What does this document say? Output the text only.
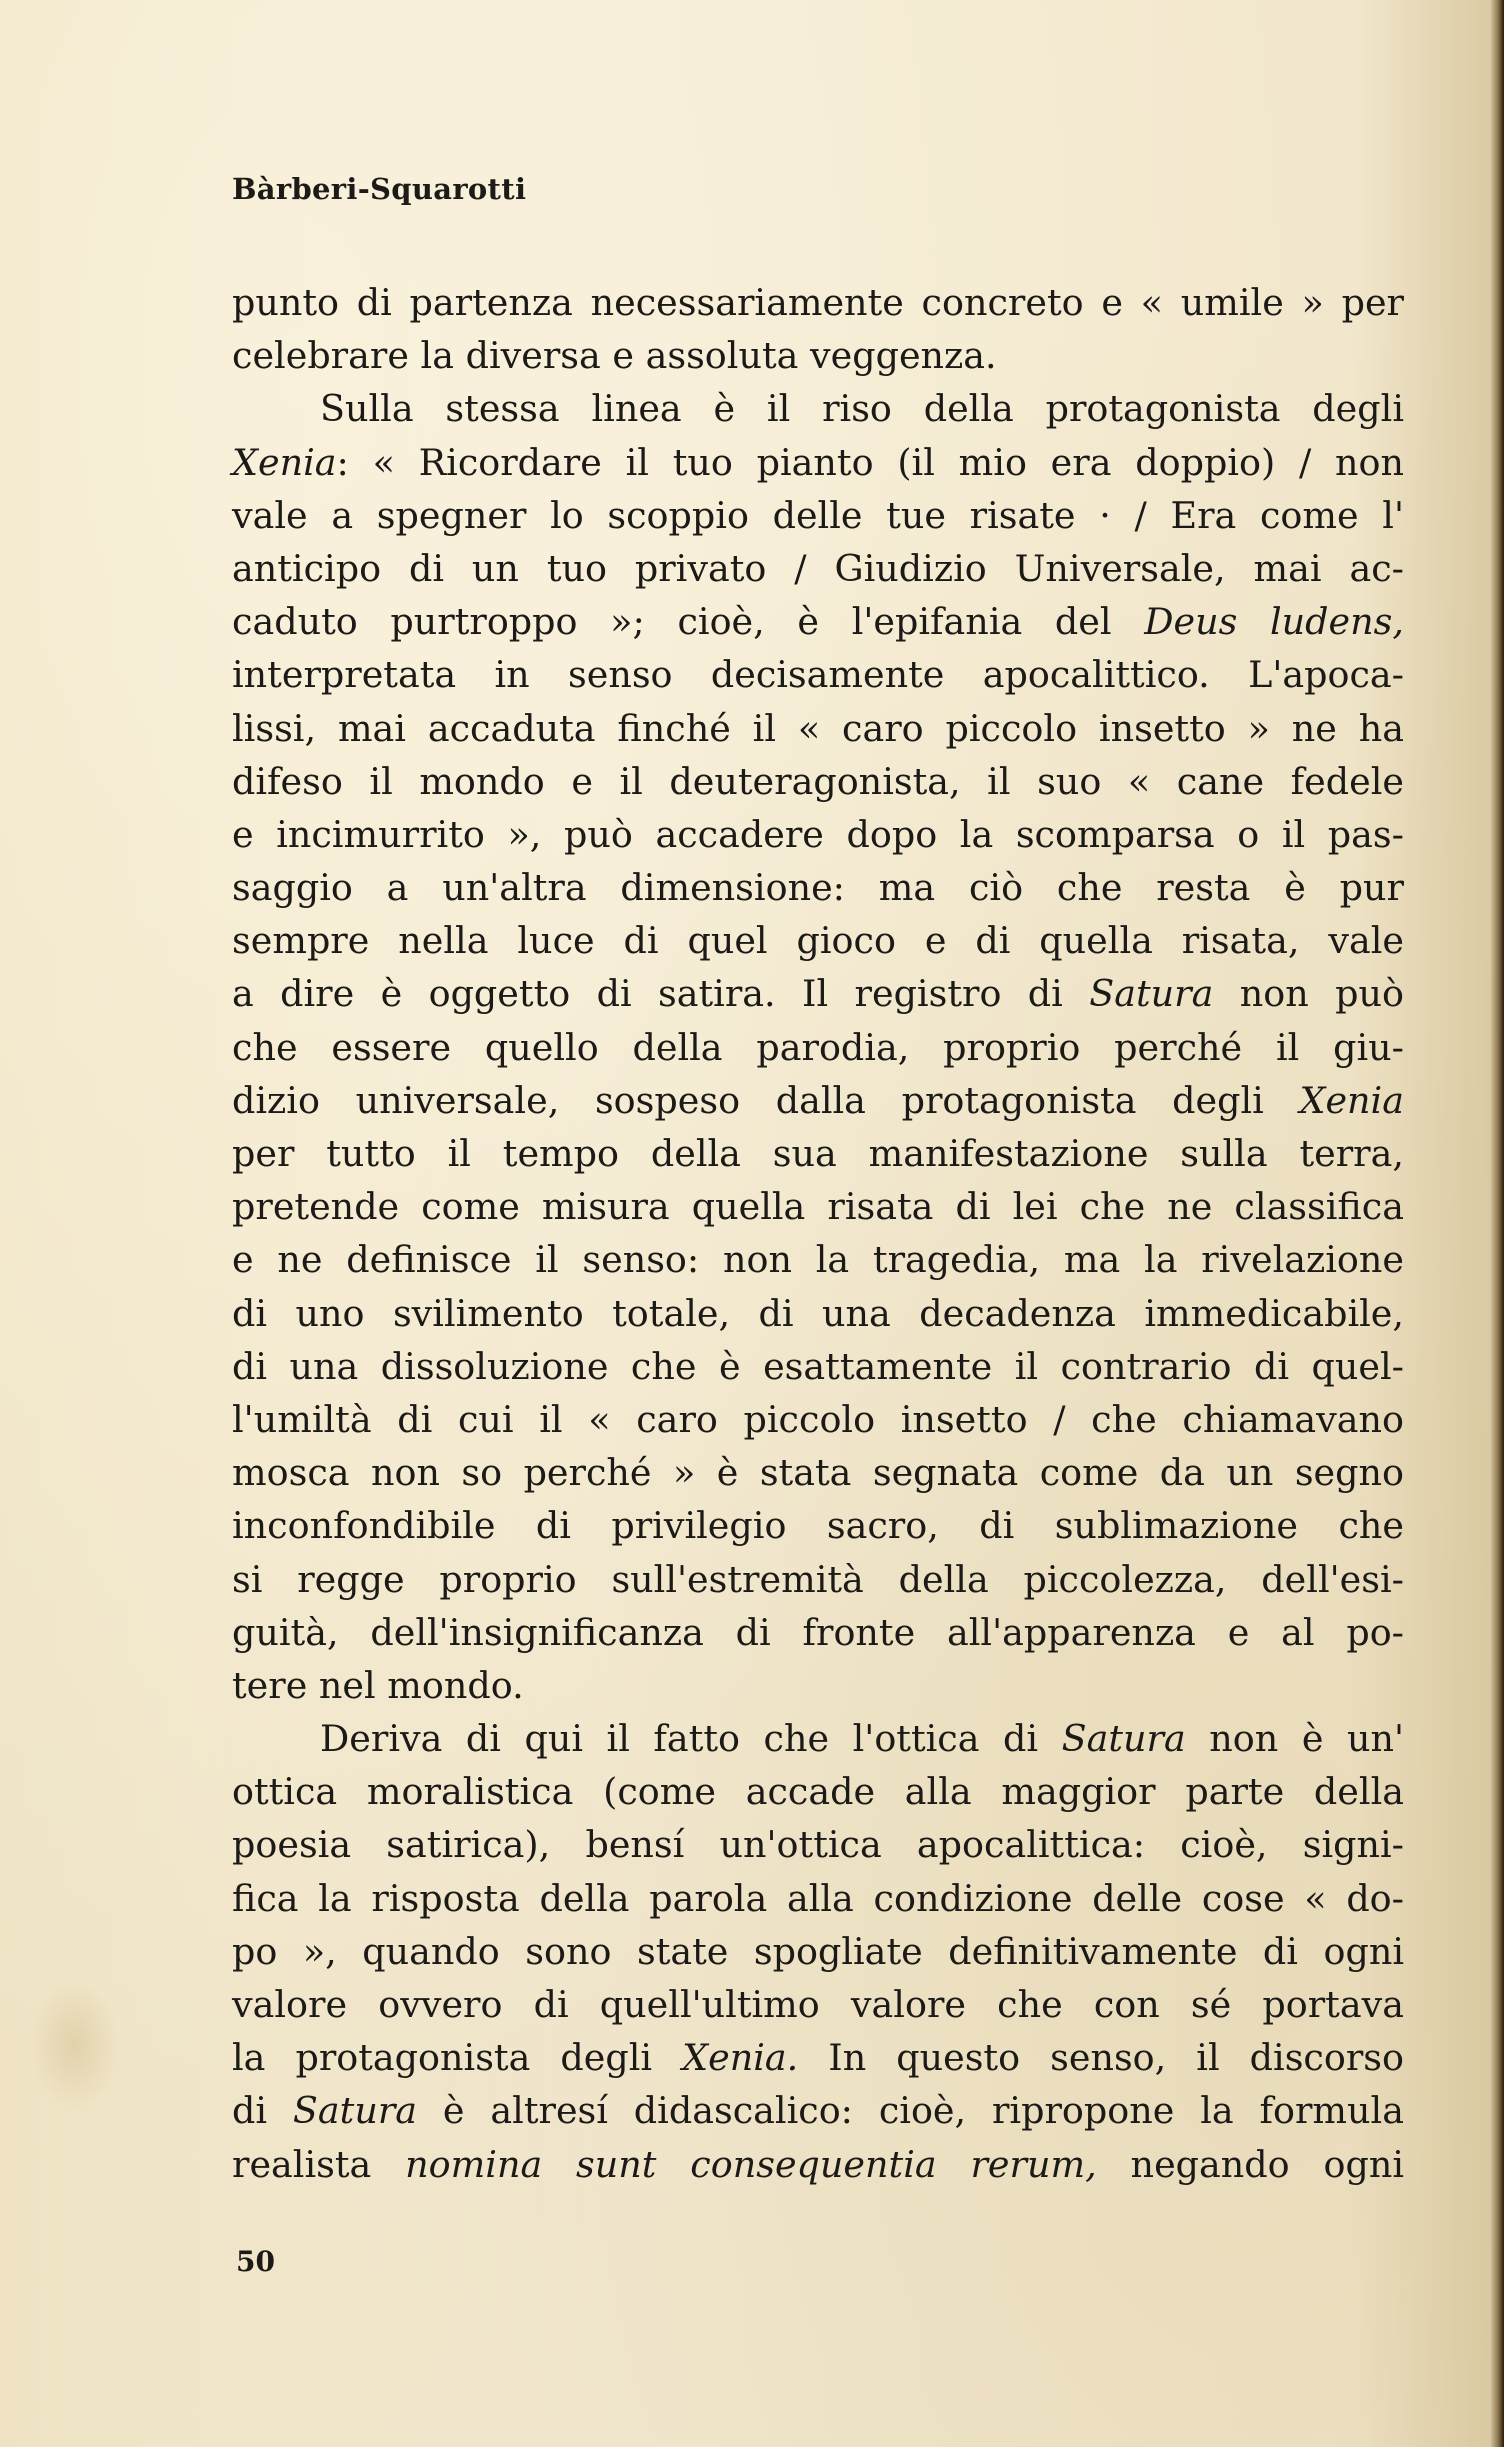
Bàrberi-Squarotti
punto di partenza necessariamente concreto e « umile » per
celebrare la diversa e assoluta veggenza.
Sulla stessa linea è il riso della protagonista degli
Xenia: « Ricordare il tuo pianto (il mio era doppio) / non
vale a spegner lo scoppio delle tue risate · / Era come l'
anticipo di un tuo privato / Giudizio Universale, mai ac-
caduto purtroppo »; cioè, è l'epifania del Deus ludens,
interpretata in senso decisamente apocalittico. L'apoca-
lissi, mai accaduta finché il « caro piccolo insetto » ne ha
difeso il mondo e il deuteragonista, il suo « cane fedele
e incimurrito », può accadere dopo la scomparsa o il pas-
saggio a un'altra dimensione: ma ciò che resta è pur
sempre nella luce di quel gioco e di quella risata, vale
a dire è oggetto di satira. Il registro di Satura non può
che essere quello della parodia, proprio perché il giu-
dizio universale, sospeso dalla protagonista degli Xenia
per tutto il tempo della sua manifestazione sulla terra,
pretende come misura quella risata di lei che ne classifica
e ne definisce il senso: non la tragedia, ma la rivelazione
di uno svilimento totale, di una decadenza immedicabile,
di una dissoluzione che è esattamente il contrario di quel-
l'umiltà di cui il « caro piccolo insetto / che chiamavano
mosca non so perché » è stata segnata come da un segno
inconfondibile di privilegio sacro, di sublimazione che
si regge proprio sull'estremità della piccolezza, dell'esi-
guità, dell'insignificanza di fronte all'apparenza e al po-
tere nel mondo.
Deriva di qui il fatto che l'ottica di Satura non è un'
ottica moralistica (come accade alla maggior parte della
poesia satirica), bensí un'ottica apocalittica: cioè, signi-
fica la risposta della parola alla condizione delle cose « do-
po », quando sono state spogliate definitivamente di ogni
valore ovvero di quell'ultimo valore che con sé portava
la protagonista degli Xenia. In questo senso, il discorso
di Satura è altresí didascalico: cioè, ripropone la formula
realista nomina sunt consequentia rerum, negando ogni
50
